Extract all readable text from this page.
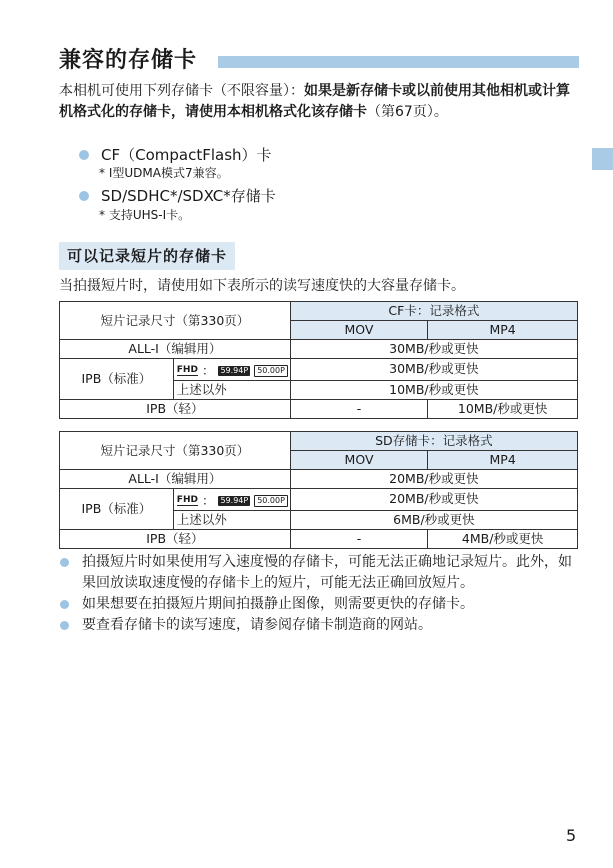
兼容的存储卡
本相机可使用下列存储卡（不限容量）：如果是新存储卡或以前使用其他相机或计算机格式化的存储卡，请使用本相机格式化该存储卡（第67页）。
CF（CompactFlash）卡
* I型UDMA模式7兼容。
SD/SDHC*/SDXC*存储卡
* 支持UHS-I卡。
可以记录短片的存储卡
当拍摄短片时，请使用如下表所示的读写速度快的大容量存储卡。
短片记录尺寸（第330页）		CF卡：记录格式	
		MOV	MP4
ALL-I（编辑用）		30MB/秒或更快	
IPB（标准）	FHD ： 59.94P 50.00P	30MB/秒或更快	
	上述以外	10MB/秒或更快	
IPB（轻）		-	10MB/秒或更快
短片记录尺寸（第330页）		SD存储卡：记录格式	
		MOV	MP4
ALL-I（编辑用）		20MB/秒或更快	
IPB（标准）	FHD ： 59.94P 50.00P	20MB/秒或更快	
	上述以外	6MB/秒或更快	
IPB（轻）		-	4MB/秒或更快
拍摄短片时如果使用写入速度慢的存储卡，可能无法正确地记录短片。此外，如果回放读取速度慢的存储卡上的短片，可能无法正确回放短片。
如果想要在拍摄短片期间拍摄静止图像，则需要更快的存储卡。
要查看存储卡的读写速度，请参阅存储卡制造商的网站。
5
